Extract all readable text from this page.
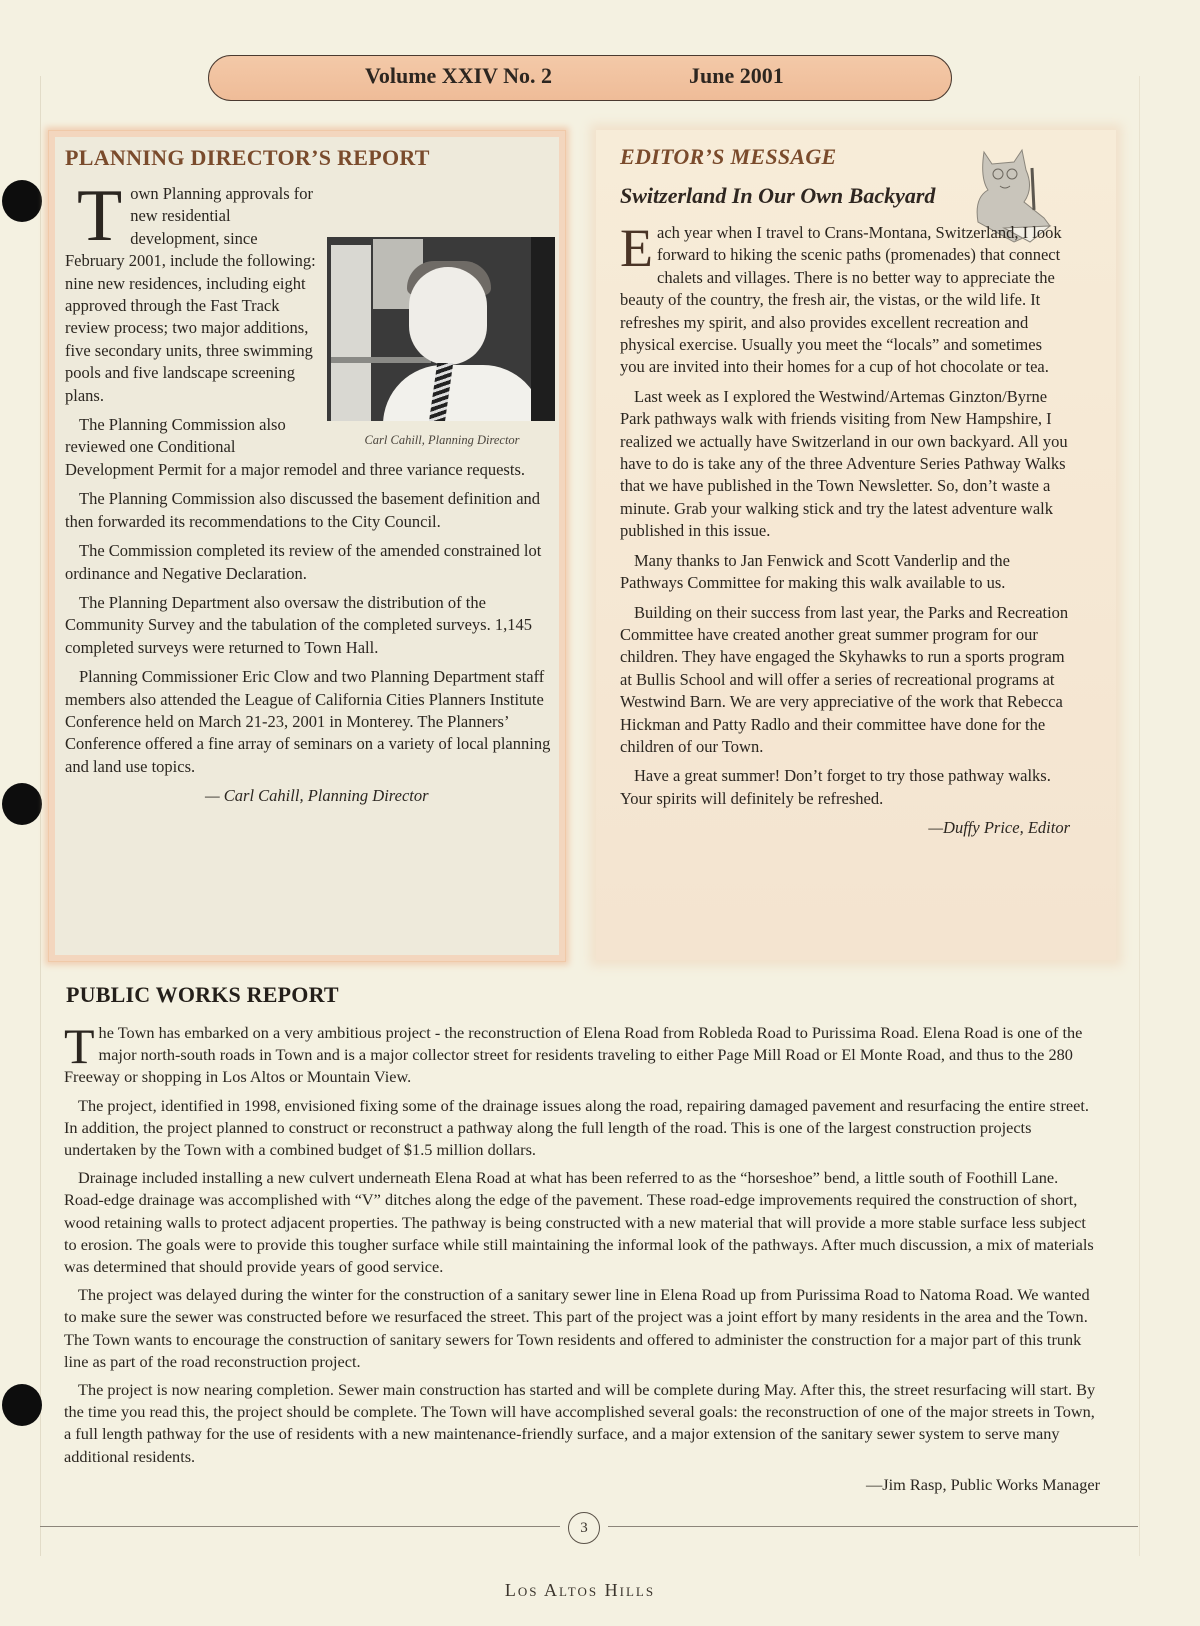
Volume XXIV No. 2	June 2001
PLANNING DIRECTOR’S REPORT

T
Carl Cahill, Planning Director
own Planning approvals for new residential development, since February 2001, include the following: nine new residences, including eight approved through the Fast Track review process; two major additions, five secondary units, three swimming pools and five landscape screening plans.

The Planning Commission also reviewed one Conditional Development Permit for a major remodel and three variance requests.

The Planning Commission also discussed the basement definition and then forwarded its recommendations to the City Council.

The Commission completed its review of the amended constrained lot ordinance and Negative Declaration.

The Planning Department also oversaw the distribution of the Community Survey and the tabulation of the completed surveys. 1,145 completed surveys were returned to Town Hall.

Planning Commissioner Eric Clow and two Planning Department staff members also attended the League of California Cities Planners Institute Conference held on March 21-23, 2001 in Monterey. The Planners’ Conference offered a fine array of seminars on a variety of local planning and land use topics.

— Carl Cahill, Planning Director
EDITOR’S MESSAGE
Switzerland In Our Own Backyard

E ach year when I travel to Crans-Montana, Switzerland, I look forward to hiking the scenic paths (promenades) that connect chalets and villages. There is no better way to appreciate the beauty of the country, the fresh air, the vistas, or the wild life. It refreshes my spirit, and also provides excellent recreation and physical exercise. Usually you meet the “locals” and sometimes you are invited into their homes for a cup of hot chocolate or tea.

Last week as I explored the Westwind/Artemas Ginzton/Byrne Park pathways walk with friends visiting from New Hampshire, I realized we actually have Switzerland in our own backyard. All you have to do is take any of the three Adventure Series Pathway Walks that we have published in the Town Newsletter. So, don’t waste a minute. Grab your walking stick and try the latest adventure walk published in this issue.

Many thanks to Jan Fenwick and Scott Vanderlip and the Pathways Committee for making this walk available to us.

Building on their success from last year, the Parks and Recreation Committee have created another great summer program for our children. They have engaged the Skyhawks to run a sports program at Bullis School and will offer a series of recreational programs at Westwind Barn. We are very appreciative of the work that Rebecca Hickman and Patty Radlo and their committee have done for the children of our Town.

Have a great summer! Don’t forget to try those pathway walks. Your spirits will definitely be refreshed.

—Duffy Price, Editor
PUBLIC WORKS REPORT

T he Town has embarked on a very ambitious project - the reconstruction of Elena Road from Robleda Road to Purissima Road. Elena Road is one of the major north-south roads in Town and is a major collector street for residents traveling to either Page Mill Road or El Monte Road, and thus to the 280 Freeway or shopping in Los Altos or Mountain View.

The project, identified in 1998, envisioned fixing some of the drainage issues along the road, repairing damaged pavement and resurfacing the entire street. In addition, the project planned to construct or reconstruct a pathway along the full length of the road. This is one of the largest construction projects undertaken by the Town with a combined budget of $1.5 million dollars.

Drainage included installing a new culvert underneath Elena Road at what has been referred to as the “horseshoe” bend, a little south of Foothill Lane. Road-edge drainage was accomplished with “V” ditches along the edge of the pavement. These road-edge improvements required the construction of short, wood retaining walls to protect adjacent properties. The pathway is being constructed with a new material that will provide a more stable surface less subject to erosion. The goals were to provide this tougher surface while still maintaining the informal look of the pathways. After much discussion, a mix of materials was determined that should provide years of good service.

The project was delayed during the winter for the construction of a sanitary sewer line in Elena Road up from Purissima Road to Natoma Road. We wanted to make sure the sewer was constructed before we resurfaced the street. This part of the project was a joint effort by many residents in the area and the Town. The Town wants to encourage the construction of sanitary sewers for Town residents and offered to administer the construction for a major part of this trunk line as part of the road reconstruction project.

The project is now nearing completion. Sewer main construction has started and will be complete during May. After this, the street resurfacing will start. By the time you read this, the project should be complete. The Town will have accomplished several goals: the reconstruction of one of the major streets in Town, a full length pathway for the use of residents with a new maintenance-friendly surface, and a major extension of the sanitary sewer system to serve many additional residents.

—Jim Rasp, Public Works Manager
3
Los Altos Hills
